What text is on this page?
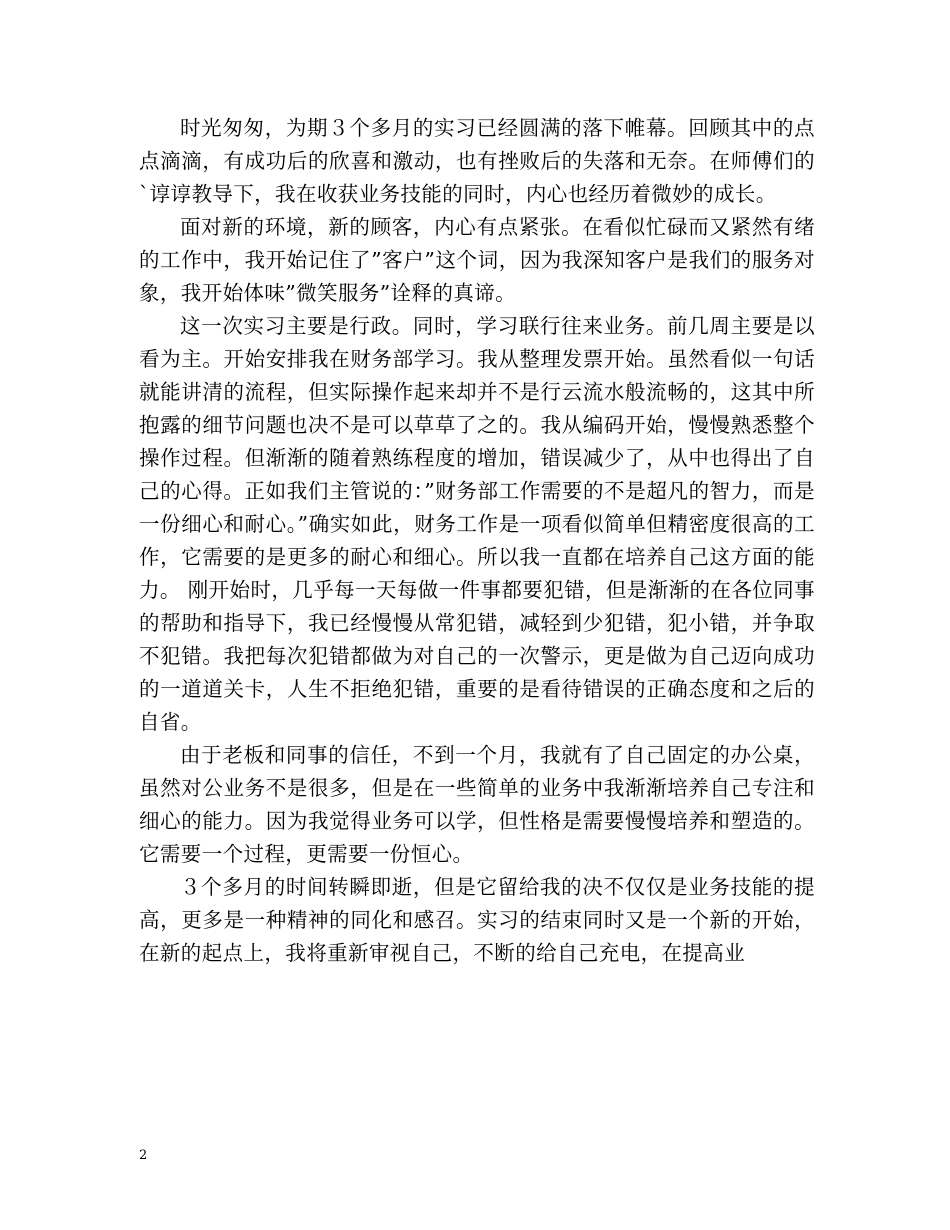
时光匆匆，为期３个多月的实习已经圆满的落下帷幕。回顾其中的点点滴滴，有成功后的欣喜和激动，也有挫败后的失落和无奈。在师傅们的`谆谆教导下，我在收获业务技能的同时，内心也经历着微妙的成长。

面对新的环境，新的顾客，内心有点紧张。在看似忙碌而又紧然有绪的工作中，我开始记住了”客户”这个词，因为我深知客户是我们的服务对象，我开始体味”微笑服务”诠释的真谛。

这一次实习主要是行政。同时，学习联行往来业务。前几周主要是以看为主。开始安排我在财务部学习。我从整理发票开始。虽然看似一句话就能讲清的流程，但实际操作起来却并不是行云流水般流畅的，这其中所抱露的细节问题也决不是可以草草了之的。我从编码开始，慢慢熟悉整个操作过程。但渐渐的随着熟练程度的增加，错误减少了，从中也得出了自己的心得。正如我们主管说的：”财务部工作需要的不是超凡的智力，而是一份细心和耐心。”确实如此，财务工作是一项看似简单但精密度很高的工作，它需要的是更多的耐心和细心。所以我一直都在培养自己这方面的能力。 刚开始时，几乎每一天每做一件事都要犯错，但是渐渐的在各位同事的帮助和指导下，我已经慢慢从常犯错，减轻到少犯错，犯小错，并争取不犯错。我把每次犯错都做为对自己的一次警示，更是做为自己迈向成功的一道道关卡，人生不拒绝犯错，重要的是看待错误的正确态度和之后的自省。

由于老板和同事的信任，不到一个月，我就有了自己固定的办公桌，虽然对公业务不是很多，但是在一些简单的业务中我渐渐培养自己专注和细心的能力。因为我觉得业务可以学，但性格是需要慢慢培养和塑造的。它需要一个过程，更需要一份恒心。

３个多月的时间转瞬即逝，但是它留给我的决不仅仅是业务技能的提高，更多是一种精神的同化和感召。实习的结束同时又是一个新的开始，在新的起点上，我将重新审视自己，不断的给自己充电，在提高业

2
